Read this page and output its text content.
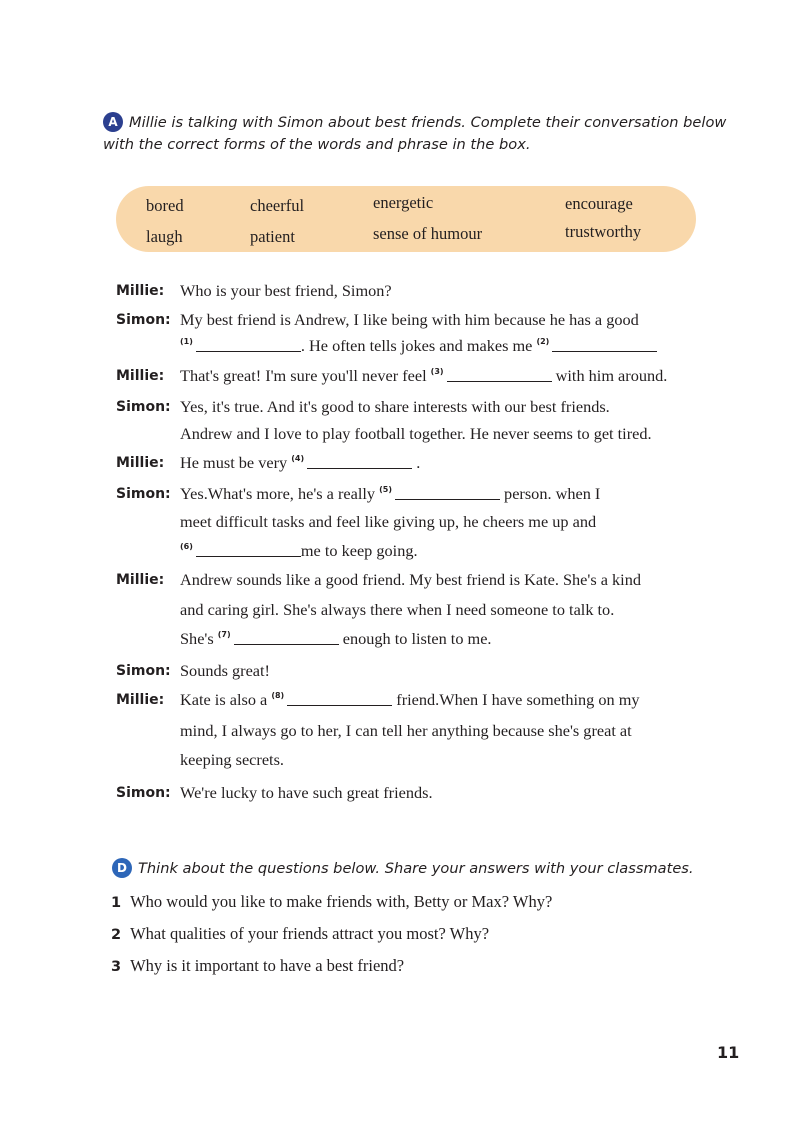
A Millie is talking with Simon about best friends. Complete their conversation below
with the correct forms of the words and phrase in the box.
bored	cheerful	energetic	encourage
laugh	patient	sense of humour	trustworthy
Millie: Who is your best friend, Simon?
Simon: My best friend is Andrew, I like being with him because he has a good
$^{(1)}$	. He often tells jokes and makes me $^{(2)}$
Millie: That's great! I'm sure you'll never feel $^{(3)}$	with him around.
Simon: Yes, it's true. And it's good to share interests with our best friends.
Andrew and I love to play football together. He never seems to get tired.
Millie: He must be very $^{(4)}$	.
Simon: Yes.What's more, he's a really $^{(5)}$	person. when I
meet difficult tasks and feel like giving up, he cheers me up and
$^{(6)}$	me to keep going.
Millie: Andrew sounds like a good friend. My best friend is Kate. She's a kind
and caring girl. She's always there when I need someone to talk to.
She's $^{(7)}$	enough to listen to me.
Simon: Sounds great!
Millie: Kate is also a $^{(8)}$	friend.When I have something on my
mind, I always go to her, I can tell her anything because she's great at
keeping secrets.
Simon: We're lucky to have such great friends.
D Think about the questions below. Share your answers with your classmates.
1 Who would you like to make friends with, Betty or Max? Why?
2 What qualities of your friends attract you most? Why?
3 Why is it important to have a best friend?
11
